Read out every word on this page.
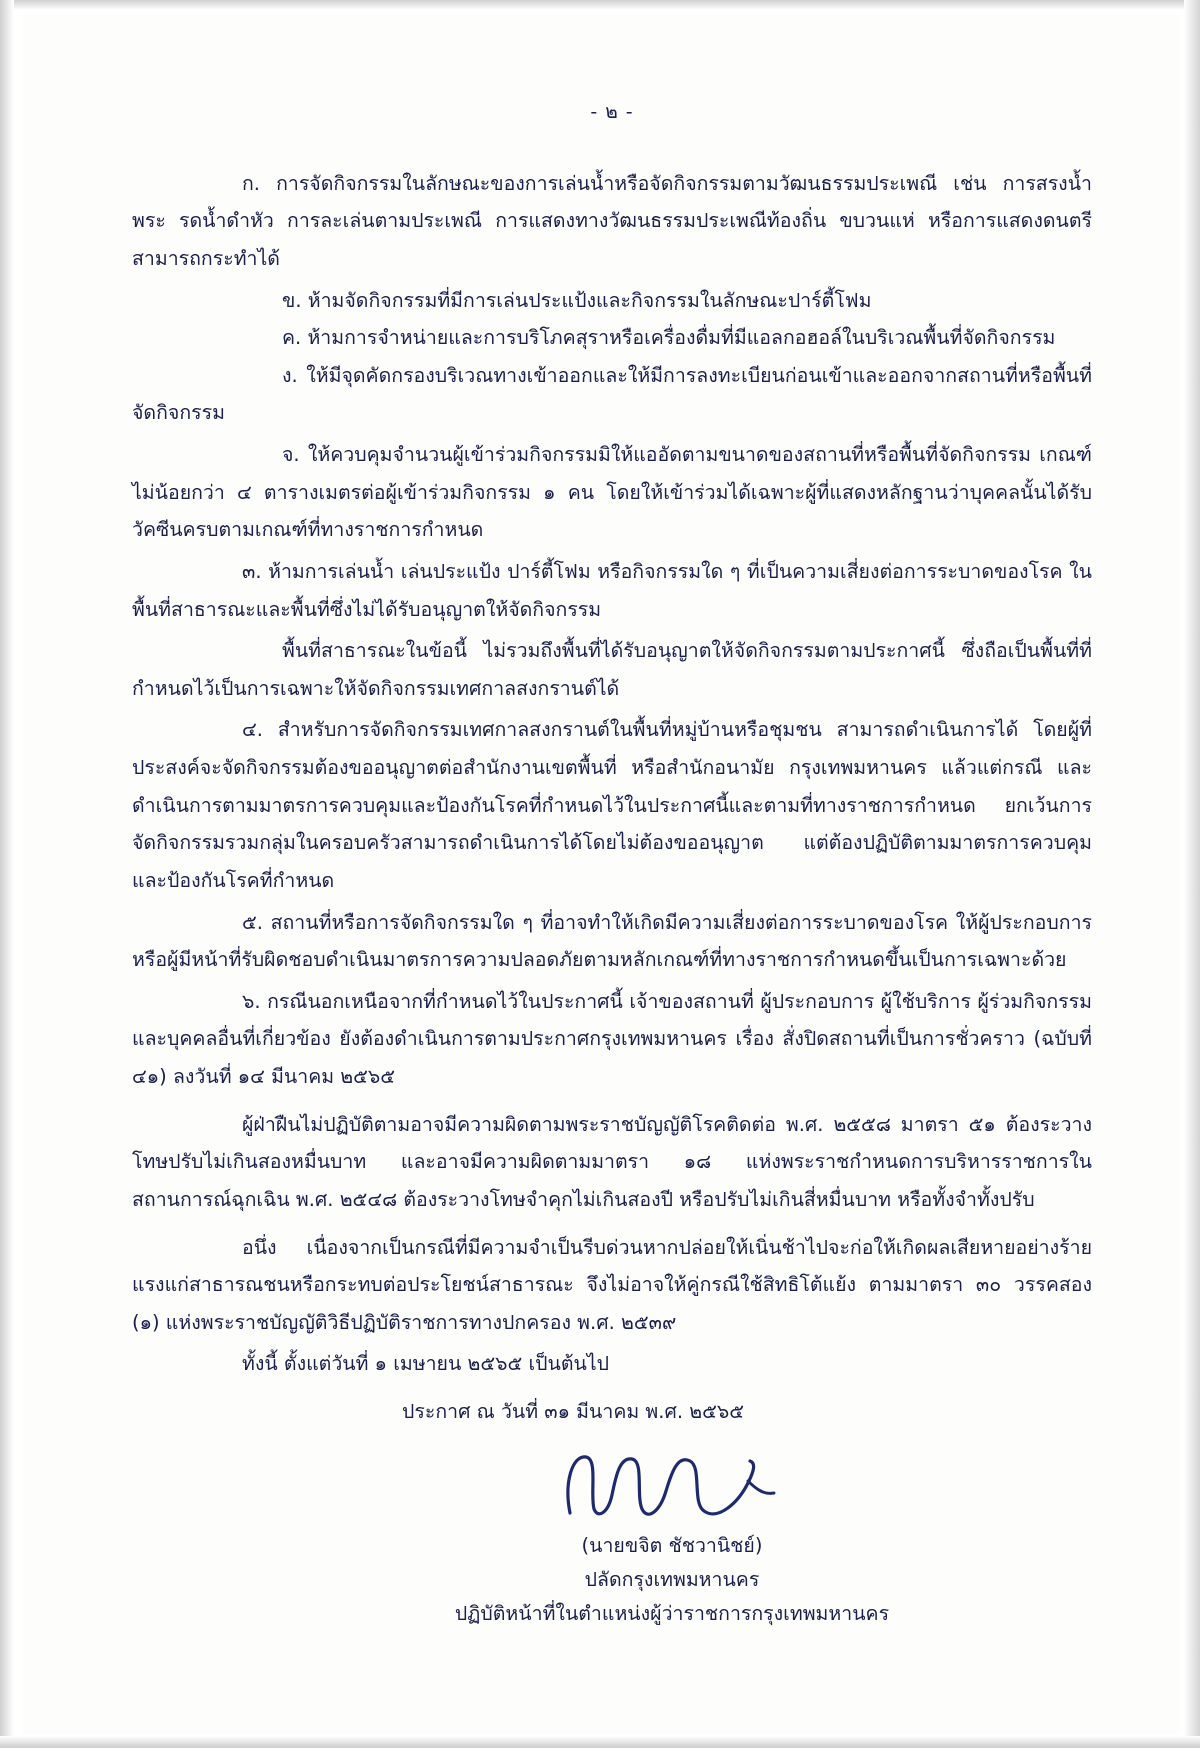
- ๒ -

ก. การจัดกิจกรรมในลักษณะของการเล่นน้ำหรือจัดกิจกรรมตามวัฒนธรรมประเพณี เช่น การสรงน้ำพระ รดน้ำดำหัว การละเล่นตามประเพณี การแสดงทางวัฒนธรรมประเพณีท้องถิ่น ขบวนแห่ หรือการแสดงดนตรี สามารถกระทำได้

ข. ห้ามจัดกิจกรรมที่มีการเล่นประแป้งและกิจกรรมในลักษณะปาร์ตี้โฟม

ค. ห้ามการจำหน่ายและการบริโภคสุราหรือเครื่องดื่มที่มีแอลกอฮอล์ในบริเวณพื้นที่จัดกิจกรรม

ง. ให้มีจุดคัดกรองบริเวณทางเข้าออกและให้มีการลงทะเบียนก่อนเข้าและออกจากสถานที่หรือพื้นที่จัดกิจกรรม

จ. ให้ควบคุมจำนวนผู้เข้าร่วมกิจกรรมมิให้แออัดตามขนาดของสถานที่หรือพื้นที่จัดกิจกรรม เกณฑ์ไม่น้อยกว่า ๔ ตารางเมตรต่อผู้เข้าร่วมกิจกรรม ๑ คน โดยให้เข้าร่วมได้เฉพาะผู้ที่แสดงหลักฐานว่าบุคคลนั้นได้รับวัคซีนครบตามเกณฑ์ที่ทางราชการกำหนด

๓. ห้ามการเล่นน้ำ เล่นประแป้ง ปาร์ตี้โฟม หรือกิจกรรมใด ๆ ที่เป็นความเสี่ยงต่อการระบาดของโรค ในพื้นที่สาธารณะและพื้นที่ซึ่งไม่ได้รับอนุญาตให้จัดกิจกรรม

พื้นที่สาธารณะในข้อนี้ ไม่รวมถึงพื้นที่ได้รับอนุญาตให้จัดกิจกรรมตามประกาศนี้ ซึ่งถือเป็นพื้นที่ที่กำหนดไว้เป็นการเฉพาะให้จัดกิจกรรมเทศกาลสงกรานต์ได้

๔. สำหรับการจัดกิจกรรมเทศกาลสงกรานต์ในพื้นที่หมู่บ้านหรือชุมชน สามารถดำเนินการได้ โดยผู้ที่ประสงค์จะจัดกิจกรรมต้องขออนุญาตต่อสำนักงานเขตพื้นที่ หรือสำนักอนามัย กรุงเทพมหานคร แล้วแต่กรณี และดำเนินการตามมาตรการควบคุมและป้องกันโรคที่กำหนดไว้ในประกาศนี้และตามที่ทางราชการกำหนด ยกเว้นการจัดกิจกรรมรวมกลุ่มในครอบครัวสามารถดำเนินการได้โดยไม่ต้องขออนุญาต แต่ต้องปฏิบัติตามมาตรการควบคุมและป้องกันโรคที่กำหนด

๕. สถานที่หรือการจัดกิจกรรมใด ๆ ที่อาจทำให้เกิดมีความเสี่ยงต่อการระบาดของโรค ให้ผู้ประกอบการหรือผู้มีหน้าที่รับผิดชอบดำเนินมาตรการความปลอดภัยตามหลักเกณฑ์ที่ทางราชการกำหนดขึ้นเป็นการเฉพาะด้วย

๖. กรณีนอกเหนือจากที่กำหนดไว้ในประกาศนี้ เจ้าของสถานที่ ผู้ประกอบการ ผู้ใช้บริการ ผู้ร่วมกิจกรรม และบุคคลอื่นที่เกี่ยวข้อง ยังต้องดำเนินการตามประกาศกรุงเทพมหานคร เรื่อง สั่งปิดสถานที่เป็นการชั่วคราว (ฉบับที่ ๔๑) ลงวันที่ ๑๔ มีนาคม ๒๕๖๕

ผู้ฝ่าฝืนไม่ปฏิบัติตามอาจมีความผิดตามพระราชบัญญัติโรคติดต่อ พ.ศ. ๒๕๕๘ มาตรา ๕๑ ต้องระวางโทษปรับไม่เกินสองหมื่นบาท และอาจมีความผิดตามมาตรา ๑๘ แห่งพระราชกำหนดการบริหารราชการในสถานการณ์ฉุกเฉิน พ.ศ. ๒๕๔๘ ต้องระวางโทษจำคุกไม่เกินสองปี หรือปรับไม่เกินสี่หมื่นบาท หรือทั้งจำทั้งปรับ

อนึ่ง เนื่องจากเป็นกรณีที่มีความจำเป็นรีบด่วนหากปล่อยให้เนิ่นช้าไปจะก่อให้เกิดผลเสียหายอย่างร้ายแรงแก่สาธารณชนหรือกระทบต่อประโยชน์สาธารณะ จึงไม่อาจให้คู่กรณีใช้สิทธิโต้แย้ง ตามมาตรา ๓๐ วรรคสอง (๑) แห่งพระราชบัญญัติวิธีปฏิบัติราชการทางปกครอง พ.ศ. ๒๕๓๙

ทั้งนี้ ตั้งแต่วันที่ ๑ เมษายน ๒๕๖๕ เป็นต้นไป

ประกาศ ณ วันที่ ๓๑ มีนาคม พ.ศ. ๒๕๖๕

(นายขจิต ชัชวานิชย์)
ปลัดกรุงเทพมหานคร
ปฏิบัติหน้าที่ในตำแหน่งผู้ว่าราชการกรุงเทพมหานคร
